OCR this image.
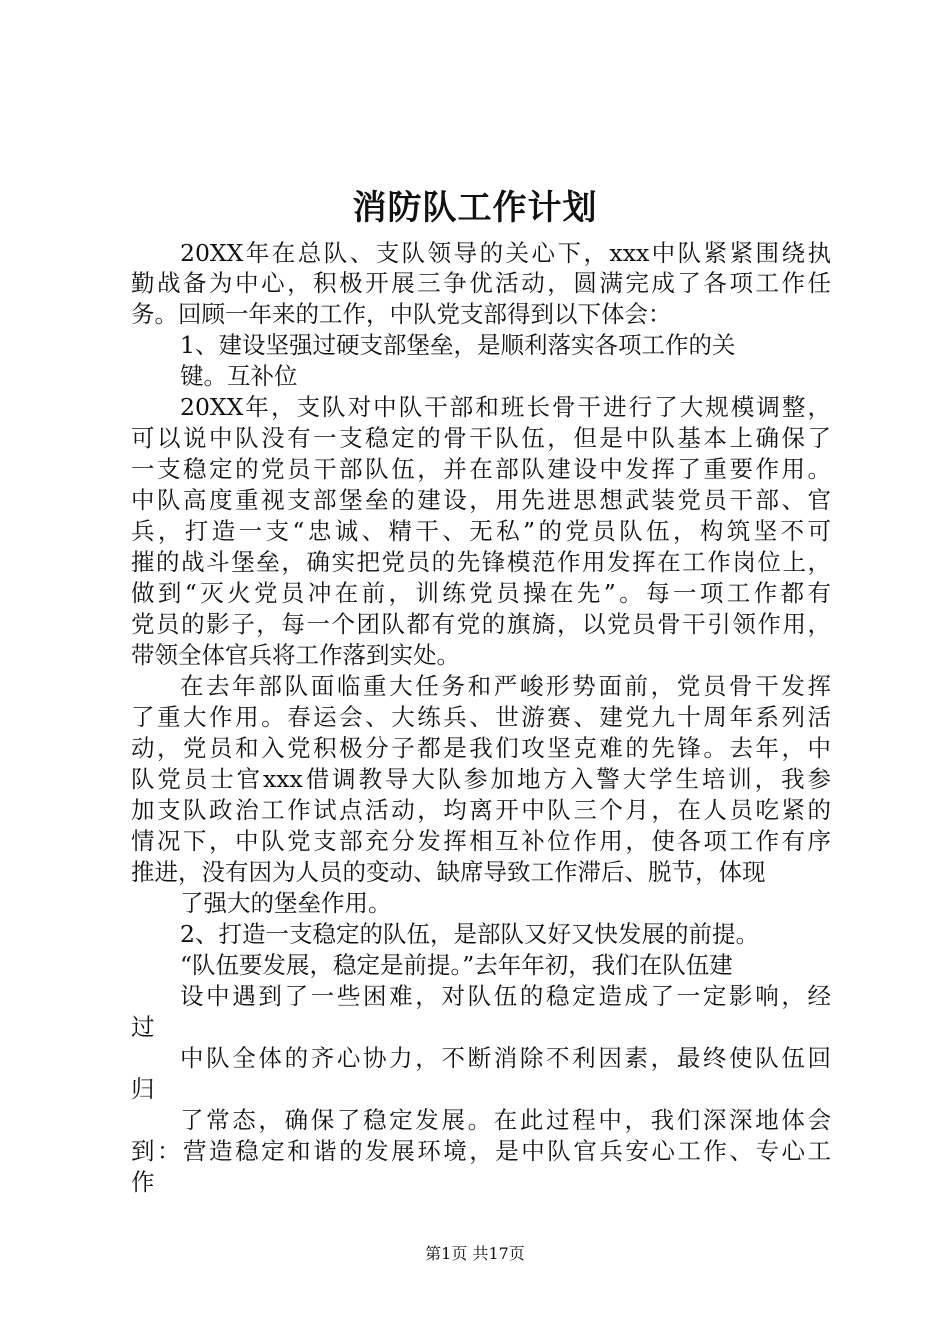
消防队工作计划
20XX年在总队、支队领导的关心下，xxx中队紧紧围绕执
勤战备为中心，积极开展三争优活动，圆满完成了各项工作任
务。回顾一年来的工作，中队党支部得到以下体会：
1、建设坚强过硬支部堡垒，是顺利落实各项工作的关
键。互补位
20XX年，支队对中队干部和班长骨干进行了大规模调整，
可以说中队没有一支稳定的骨干队伍，但是中队基本上确保了
一支稳定的党员干部队伍，并在部队建设中发挥了重要作用。
中队高度重视支部堡垒的建设，用先进思想武装党员干部、官
兵，打造一支“忠诚、精干、无私”的党员队伍，构筑坚不可
摧的战斗堡垒，确实把党员的先锋模范作用发挥在工作岗位上，
做到“灭火党员冲在前，训练党员操在先”。每一项工作都有
党员的影子，每一个团队都有党的旗旖，以党员骨干引领作用，
带领全体官兵将工作落到实处。
在去年部队面临重大任务和严峻形势面前，党员骨干发挥
了重大作用。春运会、大练兵、世游赛、建党九十周年系列活
动，党员和入党积极分子都是我们攻坚克难的先锋。去年，中
队党员士官xxx借调教导大队参加地方入警大学生培训，我参
加支队政治工作试点活动，均离开中队三个月，在人员吃紧的
情况下，中队党支部充分发挥相互补位作用，使各项工作有序
推进，没有因为人员的变动、缺席导致工作滞后、脱节，体现
了强大的堡垒作用。
2、打造一支稳定的队伍，是部队又好又快发展的前提。
“队伍要发展，稳定是前提。”去年年初，我们在队伍建
设中遇到了一些困难，对队伍的稳定造成了一定影响，经
过
中队全体的齐心协力，不断消除不利因素，最终使队伍回
归
了常态，确保了稳定发展。在此过程中，我们深深地体会
到：营造稳定和谐的发展环境，是中队官兵安心工作、专心工
作
第1页 共17页
